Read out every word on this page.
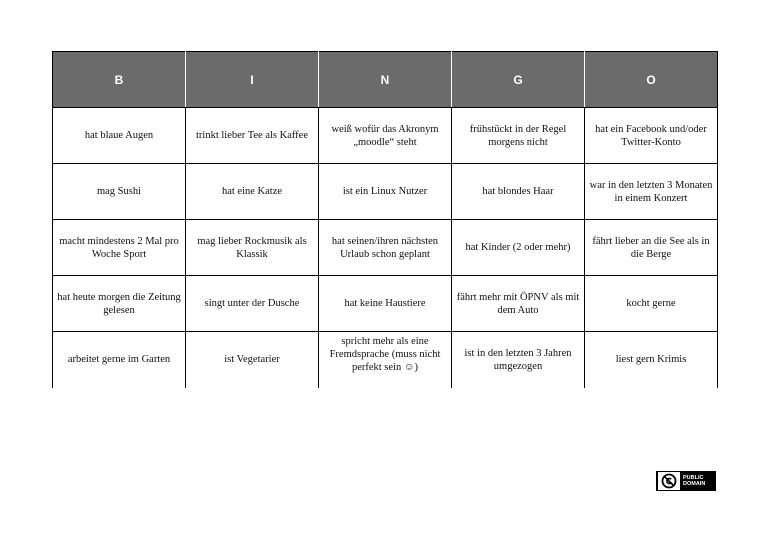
B	I	N	G	O
hat blaue Augen	trinkt lieber Tee als Kaffee	weiß wofür das Akronym „moodle“ steht	frühstückt in der Regel morgens nicht	hat ein Facebook und/oder Twitter-Konto
mag Sushi	hat eine Katze	ist ein Linux Nutzer	hat blondes Haar	war in den letzten 3 Monaten in einem Konzert
macht mindestens 2 Mal pro Woche Sport	mag lieber Rockmusik als Klassik	hat seinen/ihren nächsten Urlaub schon geplant	hat Kinder (2 oder mehr)	fährt lieber an die See als in die Berge
hat heute morgen die Zeitung gelesen	singt unter der Dusche	hat keine Haustiere	fährt mehr mit ÖPNV als mit dem Auto	kocht gerne
arbeitet gerne im Garten	ist Vegetarier	spricht mehr als eine Fremdsprache (muss nicht perfekt sein ☺)	ist in den letzten 3 Jahren umgezogen	liest gern Krimis
PUBLIC
DOMAIN
